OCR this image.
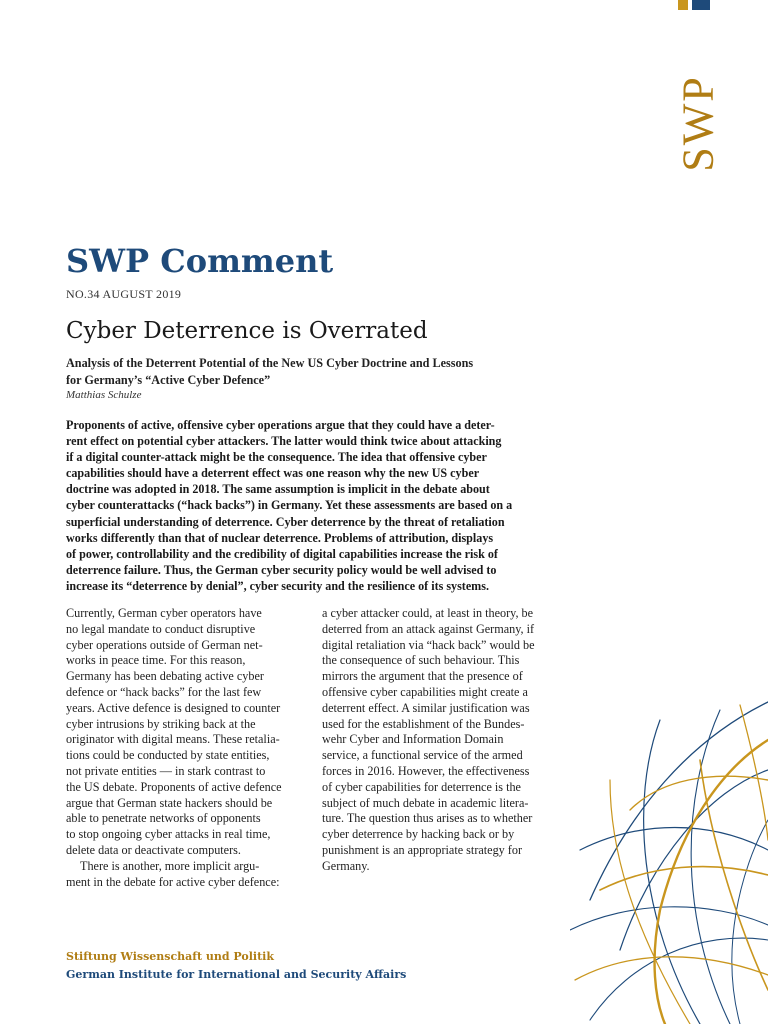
SWP
SWP Comment
NO.34 AUGUST 2019
Cyber Deterrence is Overrated
Analysis of the Deterrent Potential of the New US Cyber Doctrine and Lessons
for Germany’s “Active Cyber Defence”
Matthias Schulze
Proponents of active, offensive cyber operations argue that they could have a deter-
rent effect on potential cyber attackers. The latter would think twice about attacking
if a digital counter-attack might be the consequence. The idea that offensive cyber
capabilities should have a deterrent effect was one reason why the new US cyber
doctrine was adopted in 2018. The same assumption is implicit in the debate about
cyber counterattacks (“hack backs”) in Germany. Yet these assessments are based on a
superficial understanding of deterrence. Cyber deterrence by the threat of retaliation
works differently than that of nuclear deterrence. Problems of attribution, displays
of power, controllability and the credibility of digital capabilities increase the risk of
deterrence failure. Thus, the German cyber security policy would be well advised to
increase its “deterrence by denial”, cyber security and the resilience of its systems.
Currently, German cyber operators have
no legal mandate to conduct disruptive
cyber operations outside of German net-
works in peace time. For this reason,
Germany has been debating active cyber
defence or “hack backs” for the last few
years. Active defence is designed to counter
cyber intrusions by striking back at the
originator with digital means. These retalia-
tions could be conducted by state entities,
not private entities — in stark contrast to
the US debate. Proponents of active defence
argue that German state hackers should be
able to penetrate networks of opponents
to stop ongoing cyber attacks in real time,
delete data or deactivate computers.
There is another, more implicit argu-
ment in the debate for active cyber defence:
a cyber attacker could, at least in theory, be
deterred from an attack against Germany, if
digital retaliation via “hack back” would be
the consequence of such behaviour. This
mirrors the argument that the presence of
offensive cyber capabilities might create a
deterrent effect. A similar justification was
used for the establishment of the Bundes-
wehr Cyber and Information Domain
service, a functional service of the armed
forces in 2016. However, the effectiveness
of cyber capabilities for deterrence is the
subject of much debate in academic litera-
ture. The question thus arises as to whether
cyber deterrence by hacking back or by
punishment is an appropriate strategy for
Germany.
Stiftung Wissenschaft und Politik
German Institute for International and Security Affairs
